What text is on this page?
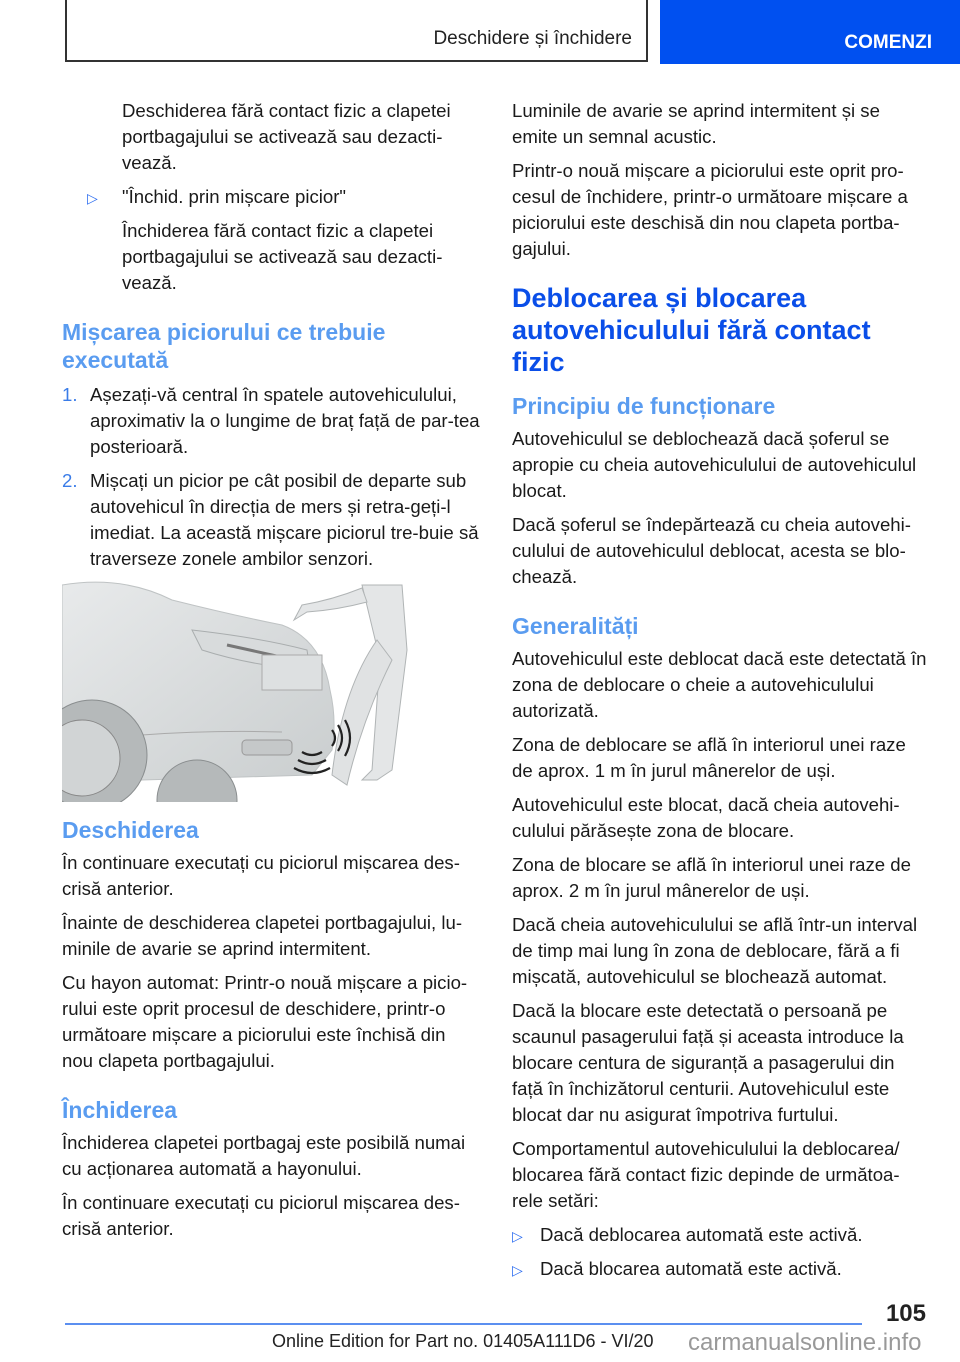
Deschidere și închidere	COMENZI

Deschiderea fără contact fizic a clapetei portbagajului se activează sau dezacti-vează.

▷ "Închid. prin mișcare picior"

Închiderea fără contact fizic a clapetei portbagajului se activează sau dezacti-vează.

Mișcarea piciorului ce trebuie executată

1. Așezați-vă central în spatele autovehiculului, aproximativ la o lungime de braț față de par-tea posterioară.

2. Mișcați un picior pe cât posibil de departe sub autovehicul în direcția de mers și retra-geți-l imediat. La această mișcare piciorul tre-buie să traverseze zonele ambilor senzori.

Deschiderea

În continuare executați cu piciorul mișcarea des-crisă anterior.

Înainte de deschiderea clapetei portbagajului, lu-minile de avarie se aprind intermitent.

Cu hayon automat: Printr-o nouă mișcare a picio-rului este oprit procesul de deschidere, printr-o următoare mișcare a piciorului este închisă din nou clapeta portbagajului.

Închiderea

Închiderea clapetei portbagaj este posibilă numai cu acționarea automată a hayonului.

În continuare executați cu piciorul mișcarea des-crisă anterior.

Luminile de avarie se aprind intermitent și se emite un semnal acustic.

Printr-o nouă mișcare a piciorului este oprit pro-cesul de închidere, printr-o următoare mișcare a piciorului este deschisă din nou clapeta portba-gajului.

Deblocarea și blocarea autovehiculului fără contact fizic
Principiu de funcționare

Autovehiculul se deblochează dacă șoferul se apropie cu cheia autovehiculului de autovehiculul blocat.

Dacă șoferul se îndepărtează cu cheia autovehi-culului de autovehiculul deblocat, acesta se blo-chează.

Generalități

Autovehiculul este deblocat dacă este detectată în zona de deblocare o cheie a autovehiculului autorizată.

Zona de deblocare se află în interiorul unei raze de aprox. 1 m în jurul mânerelor de uși.

Autovehiculul este blocat, dacă cheia autovehi-culului părăsește zona de blocare.

Zona de blocare se află în interiorul unei raze de aprox. 2 m în jurul mânerelor de uși.

Dacă cheia autovehiculului se află într-un interval de timp mai lung în zona de deblocare, fără a fi mișcată, autovehiculul se blochează automat.

Dacă la blocare este detectată o persoană pe scaunul pasagerului față și aceasta introduce la blocare centura de siguranță a pasagerului din față în închizătorul centurii. Autovehiculul este blocat dar nu asigurat împotriva furtului.

Comportamentul autovehiculului la deblocarea/ blocarea fără contact fizic depinde de următoa-rele setări:

▷ Dacă deblocarea automată este activă.

▷ Dacă blocarea automată este activă.

105
Online Edition for Part no. 01405A111D6 - VI/20 carmanualsonline.info
